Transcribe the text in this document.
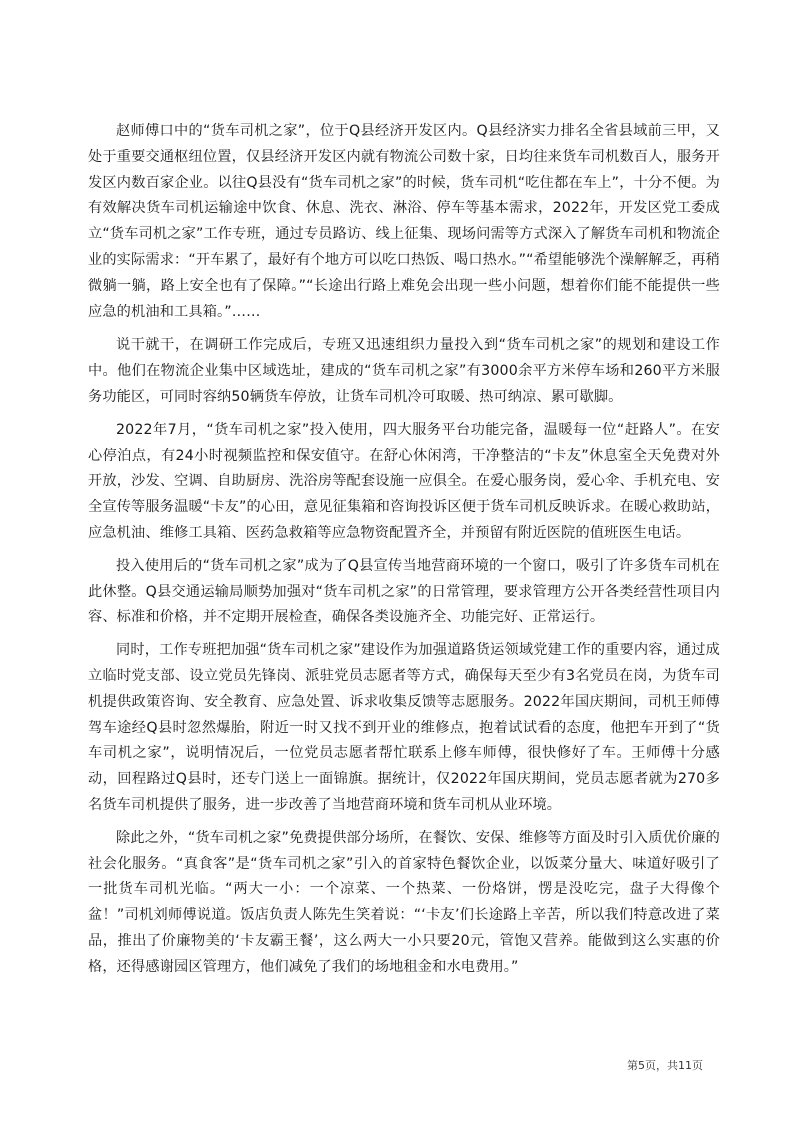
赵师傅口中的“货车司机之家”，位于Q县经济开发区内。Q县经济实力排名全省县域前三甲，又处于重要交通枢纽位置，仅县经济开发区内就有物流公司数十家，日均往来货车司机数百人，服务开发区内数百家企业。以往Q县没有“货车司机之家”的时候，货车司机“吃住都在车上”，十分不便。为有效解决货车司机运输途中饮食、休息、洗衣、淋浴、停车等基本需求，2022年，开发区党工委成立“货车司机之家”工作专班，通过专员路访、线上征集、现场问需等方式深入了解货车司机和物流企业的实际需求：“开车累了，最好有个地方可以吃口热饭、喝口热水。”“希望能够洗个澡解解乏，再稍微躺一躺，路上安全也有了保障。”“长途出行路上难免会出现一些小问题，想着你们能不能提供一些应急的机油和工具箱。”……

说干就干，在调研工作完成后，专班又迅速组织力量投入到“货车司机之家”的规划和建设工作中。他们在物流企业集中区域选址，建成的“货车司机之家”有3000余平方米停车场和260平方米服务功能区，可同时容纳50辆货车停放，让货车司机冷可取暖、热可纳凉、累可歇脚。

2022年7月，“货车司机之家”投入使用，四大服务平台功能完备，温暖每一位“赶路人”。在安心停泊点，有24小时视频监控和保安值守。在舒心休闲湾，干净整洁的“卡友”休息室全天免费对外开放，沙发、空调、自助厨房、洗浴房等配套设施一应俱全。在爱心服务岗，爱心伞、手机充电、安全宣传等服务温暖“卡友”的心田，意见征集箱和咨询投诉区便于货车司机反映诉求。在暖心救助站，应急机油、维修工具箱、医药急救箱等应急物资配置齐全，并预留有附近医院的值班医生电话。

投入使用后的“货车司机之家”成为了Q县宣传当地营商环境的一个窗口，吸引了许多货车司机在此休整。Q县交通运输局顺势加强对“货车司机之家”的日常管理，要求管理方公开各类经营性项目内容、标准和价格，并不定期开展检查，确保各类设施齐全、功能完好、正常运行。

同时，工作专班把加强“货车司机之家”建设作为加强道路货运领域党建工作的重要内容，通过成立临时党支部、设立党员先锋岗、派驻党员志愿者等方式，确保每天至少有3名党员在岗，为货车司机提供政策咨询、安全教育、应急处置、诉求收集反馈等志愿服务。2022年国庆期间，司机王师傅驾车途经Q县时忽然爆胎，附近一时又找不到开业的维修点，抱着试试看的态度，他把车开到了“货车司机之家”，说明情况后，一位党员志愿者帮忙联系上修车师傅，很快修好了车。王师傅十分感动，回程路过Q县时，还专门送上一面锦旗。据统计，仅2022年国庆期间，党员志愿者就为270多名货车司机提供了服务，进一步改善了当地营商环境和货车司机从业环境。

除此之外，“货车司机之家”免费提供部分场所，在餐饮、安保、维修等方面及时引入质优价廉的社会化服务。“真食客”是“货车司机之家”引入的首家特色餐饮企业，以饭菜分量大、味道好吸引了一批货车司机光临。“两大一小：一个凉菜、一个热菜、一份烙饼，愣是没吃完，盘子大得像个盆！”司机刘师傅说道。饭店负责人陈先生笑着说：“‘卡友’们长途路上辛苦，所以我们特意改进了菜品，推出了价廉物美的‘卡友霸王餐’，这么两大一小只要20元，管饱又营养。能做到这么实惠的价格，还得感谢园区管理方，他们减免了我们的场地租金和水电费用。”

第5页，共11页
